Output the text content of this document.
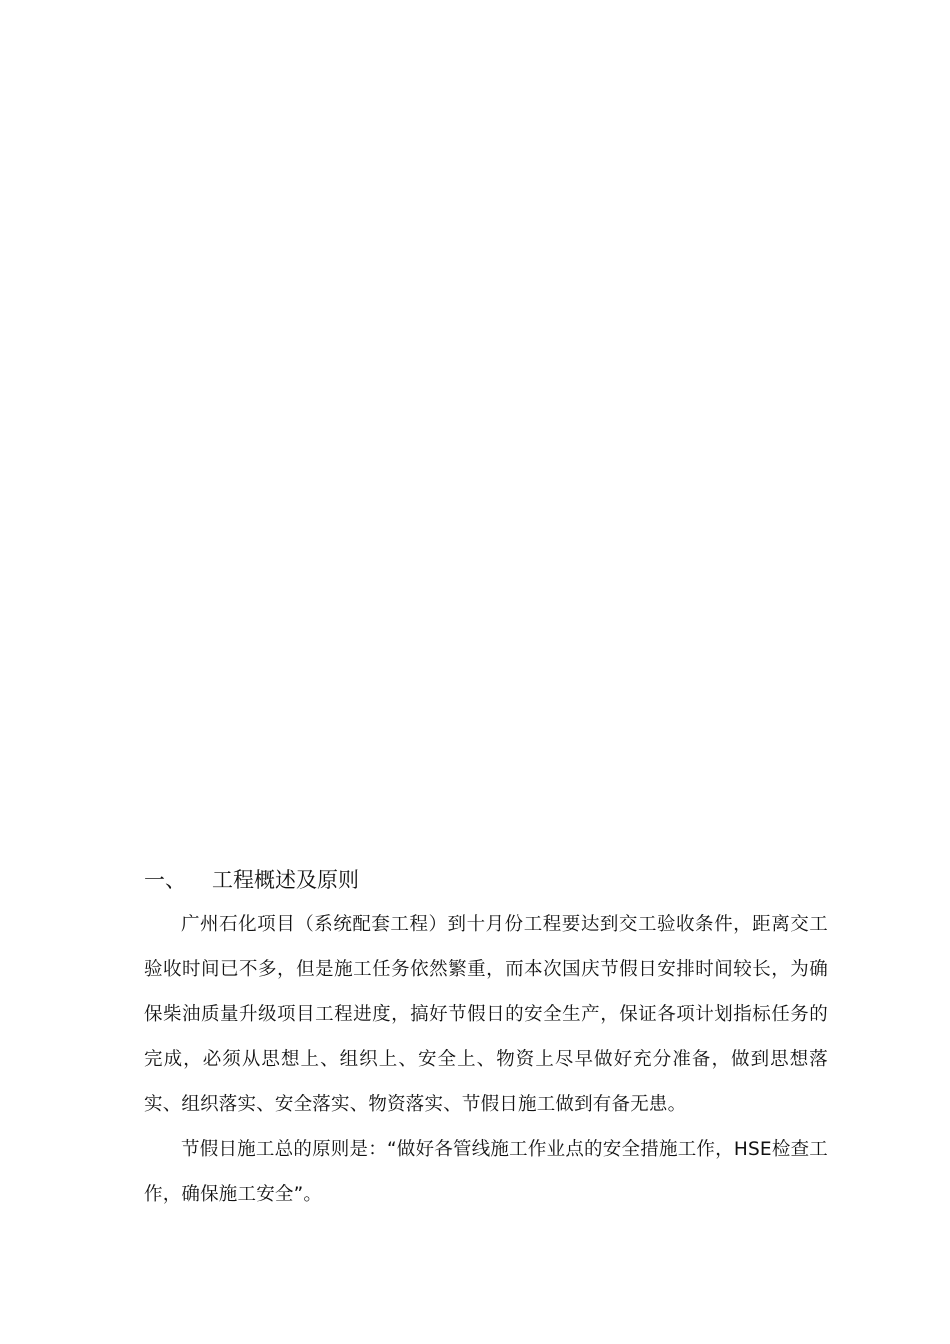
一、	工程概述及原则

广州石化项目（系统配套工程）到十月份工程要达到交工验收条件，距离交工验收时间已不多，但是施工任务依然繁重，而本次国庆节假日安排时间较长，为确保柴油质量升级项目工程进度，搞好节假日的安全生产，保证各项计划指标任务的完成，必须从思想上、组织上、安全上、物资上尽早做好充分准备，做到思想落实、组织落实、安全落实、物资落实、节假日施工做到有备无患。

节假日施工总的原则是：“做好各管线施工作业点的安全措施工作，HSE检查工作，确保施工安全”。
